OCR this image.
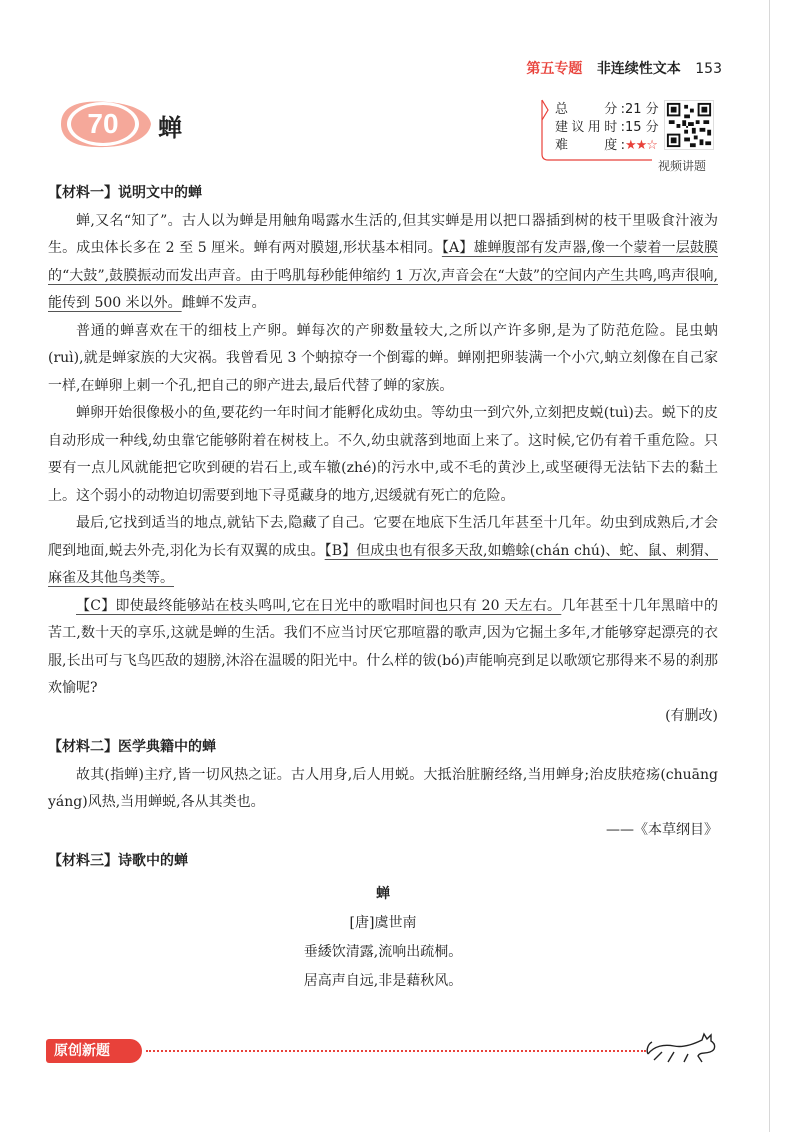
第五专题 非连续性文本 153
70 蝉
总　　分:21 分
建议用时:15 分
难　　度:★★☆
视频讲题
【材料一】说明文中的蝉

蝉,又名“知了”。古人以为蝉是用触角喝露水生活的,但其实蝉是用以把口器插到树的枝干里吸食汁液为生。成虫体长多在 2 至 5 厘米。蝉有两对膜翅,形状基本相同。【A】雄蝉腹部有发声器,像一个蒙着一层鼓膜的“大鼓”,鼓膜振动而发出声音。由于鸣肌每秒能伸缩约 1 万次,声音会在“大鼓”的空间内产生共鸣,鸣声很响,能传到 500 米以外。雌蝉不发声。

普通的蝉喜欢在干的细枝上产卵。蝉每次的产卵数量较大,之所以产许多卵,是为了防范危险。昆虫蚋(ruì),就是蝉家族的大灾祸。我曾看见 3 个蚋掠夺一个倒霉的蝉。蝉刚把卵装满一个小穴,蚋立刻像在自己家一样,在蝉卵上刺一个孔,把自己的卵产进去,最后代替了蝉的家族。

蝉卵开始很像极小的鱼,要花约一年时间才能孵化成幼虫。等幼虫一到穴外,立刻把皮蜕(tuì)去。蜕下的皮自动形成一种线,幼虫靠它能够附着在树枝上。不久,幼虫就落到地面上来了。这时候,它仍有着千重危险。只要有一点儿风就能把它吹到硬的岩石上,或车辙(zhé)的污水中,或不毛的黄沙上,或坚硬得无法钻下去的黏土上。这个弱小的动物迫切需要到地下寻觅藏身的地方,迟缓就有死亡的危险。

最后,它找到适当的地点,就钻下去,隐藏了自己。它要在地底下生活几年甚至十几年。幼虫到成熟后,才会爬到地面,蜕去外壳,羽化为长有双翼的成虫。【B】但成虫也有很多天敌,如蟾蜍(chán chú)、蛇、鼠、刺猬、麻雀及其他鸟类等。

【C】即使最终能够站在枝头鸣叫,它在日光中的歌唱时间也只有 20 天左右。几年甚至十几年黑暗中的苦工,数十天的享乐,这就是蝉的生活。我们不应当讨厌它那喧嚣的歌声,因为它掘土多年,才能够穿起漂亮的衣服,长出可与飞鸟匹敌的翅膀,沐浴在温暖的阳光中。什么样的钹(bó)声能响亮到足以歌颂它那得来不易的刹那欢愉呢?

(有删改)

【材料二】医学典籍中的蝉

故其(指蝉)主疗,皆一切风热之证。古人用身,后人用蜕。大抵治脏腑经络,当用蝉身;治皮肤疮疡(chuāng yáng)风热,当用蝉蜕,各从其类也。

——《本草纲目》

【材料三】诗歌中的蝉
蝉
[唐]虞世南
垂緌饮清露,流响出疏桐。
居高声自远,非是藉秋风。
原创新题
